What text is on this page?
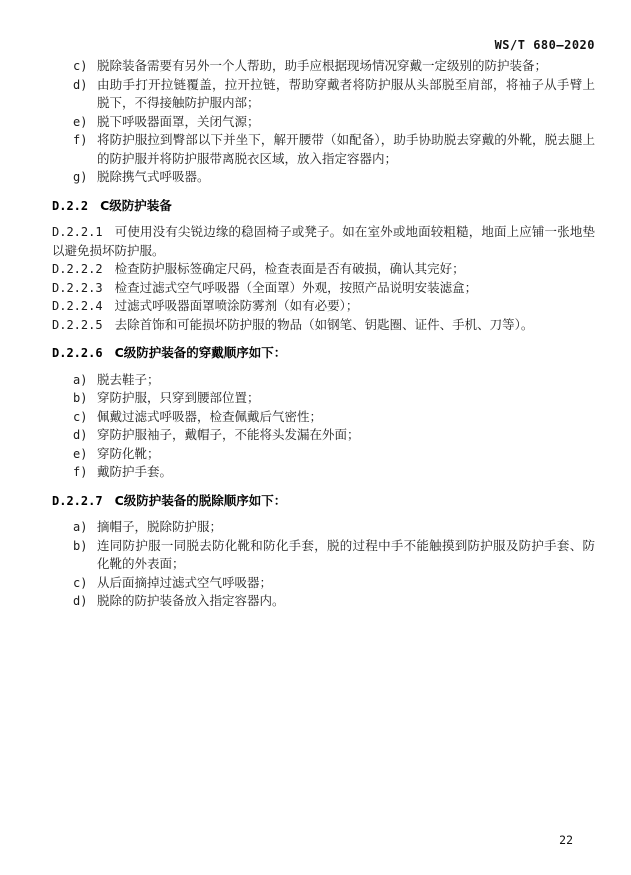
WS/T 680—2020
c) 脱除装备需要有另外一个人帮助，助手应根据现场情况穿戴一定级别的防护装备；
d) 由助手打开拉链覆盖，拉开拉链，帮助穿戴者将防护服从头部脱至肩部，将袖子从手臂上脱下，不得接触防护服内部；
e) 脱下呼吸器面罩，关闭气源；
f) 将防护服拉到臀部以下并坐下，解开腰带（如配备），助手协助脱去穿戴的外靴，脱去腿上的防护服并将防护服带离脱衣区域，放入指定容器内；
g) 脱除携气式呼吸器。
D.2.2 C级防护装备

D.2.2.1 可使用没有尖锐边缘的稳固椅子或凳子。如在室外或地面较粗糙，地面上应铺一张地垫以避免损坏防护服。

D.2.2.2 检查防护服标签确定尺码，检查表面是否有破损，确认其完好；

D.2.2.3 检查过滤式空气呼吸器（全面罩）外观，按照产品说明安装滤盒；

D.2.2.4 过滤式呼吸器面罩喷涂防雾剂（如有必要）；

D.2.2.5 去除首饰和可能损坏防护服的物品（如钢笔、钥匙圈、证件、手机、刀等）。

D.2.2.6 C级防护装备的穿戴顺序如下：
a) 脱去鞋子；
b) 穿防护服，只穿到腰部位置；
c) 佩戴过滤式呼吸器，检查佩戴后气密性；
d) 穿防护服袖子，戴帽子，不能将头发漏在外面；
e) 穿防化靴；
f) 戴防护手套。
D.2.2.7 C级防护装备的脱除顺序如下：
a) 摘帽子，脱除防护服；
b) 连同防护服一同脱去防化靴和防化手套，脱的过程中手不能触摸到防护服及防护手套、防化靴的外表面；
c) 从后面摘掉过滤式空气呼吸器；
d) 脱除的防护装备放入指定容器内。
22
